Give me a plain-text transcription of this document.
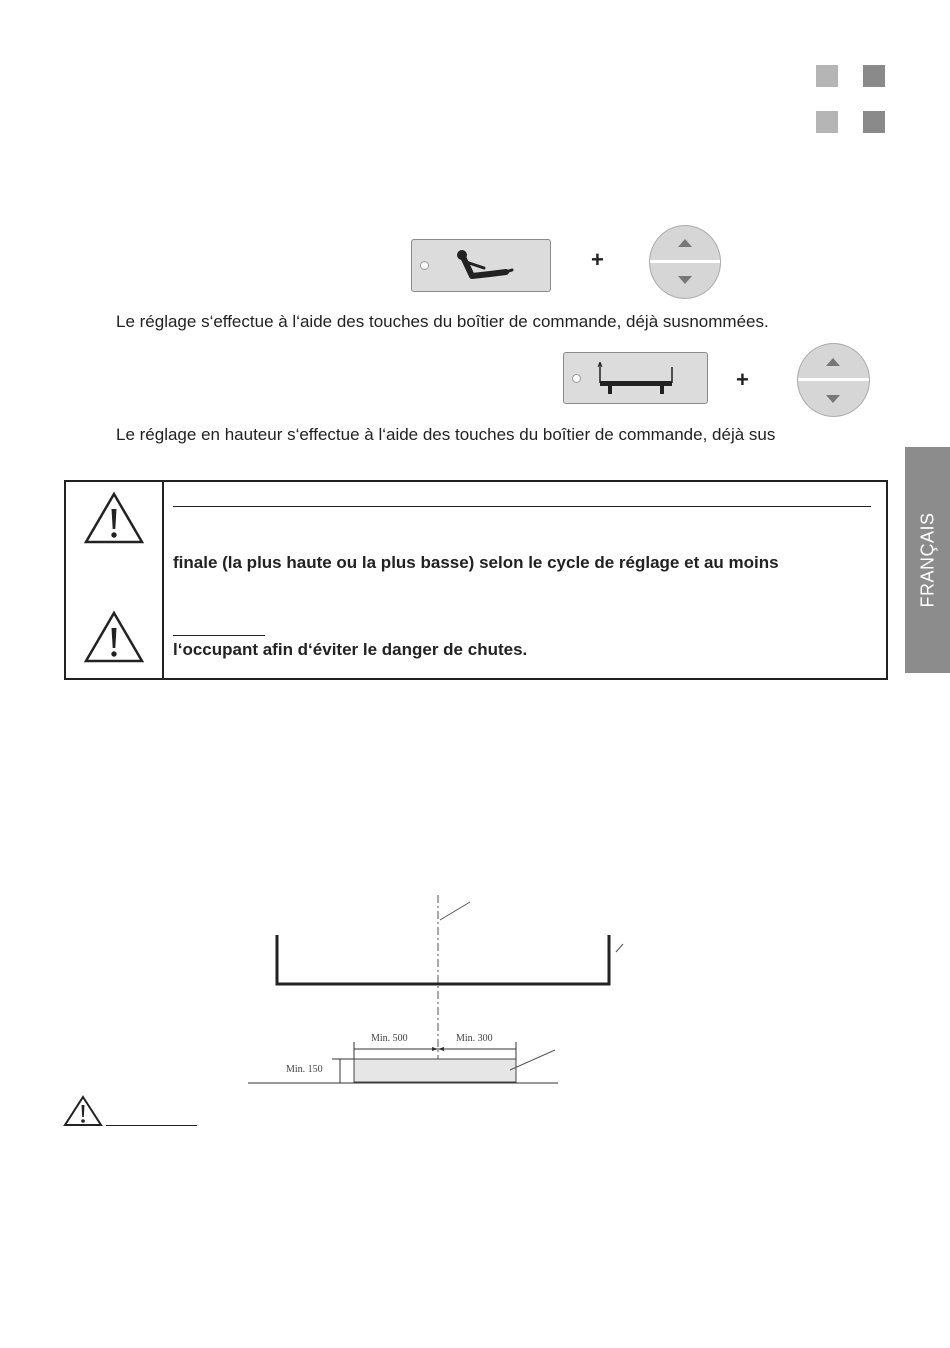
+
Le réglage s‘effectue à l‘aide des touches du boîtier de commande, déjà susnommées.
+
Le réglage en hauteur s‘effectue à l‘aide des touches du boîtier de commande, déjà sus
FRANÇAIS
finale (la plus haute ou la plus basse) selon le cycle de réglage et au moins
l‘occupant afin d‘éviter le danger de chutes.
Min. 500	Min. 300
Min. 150
